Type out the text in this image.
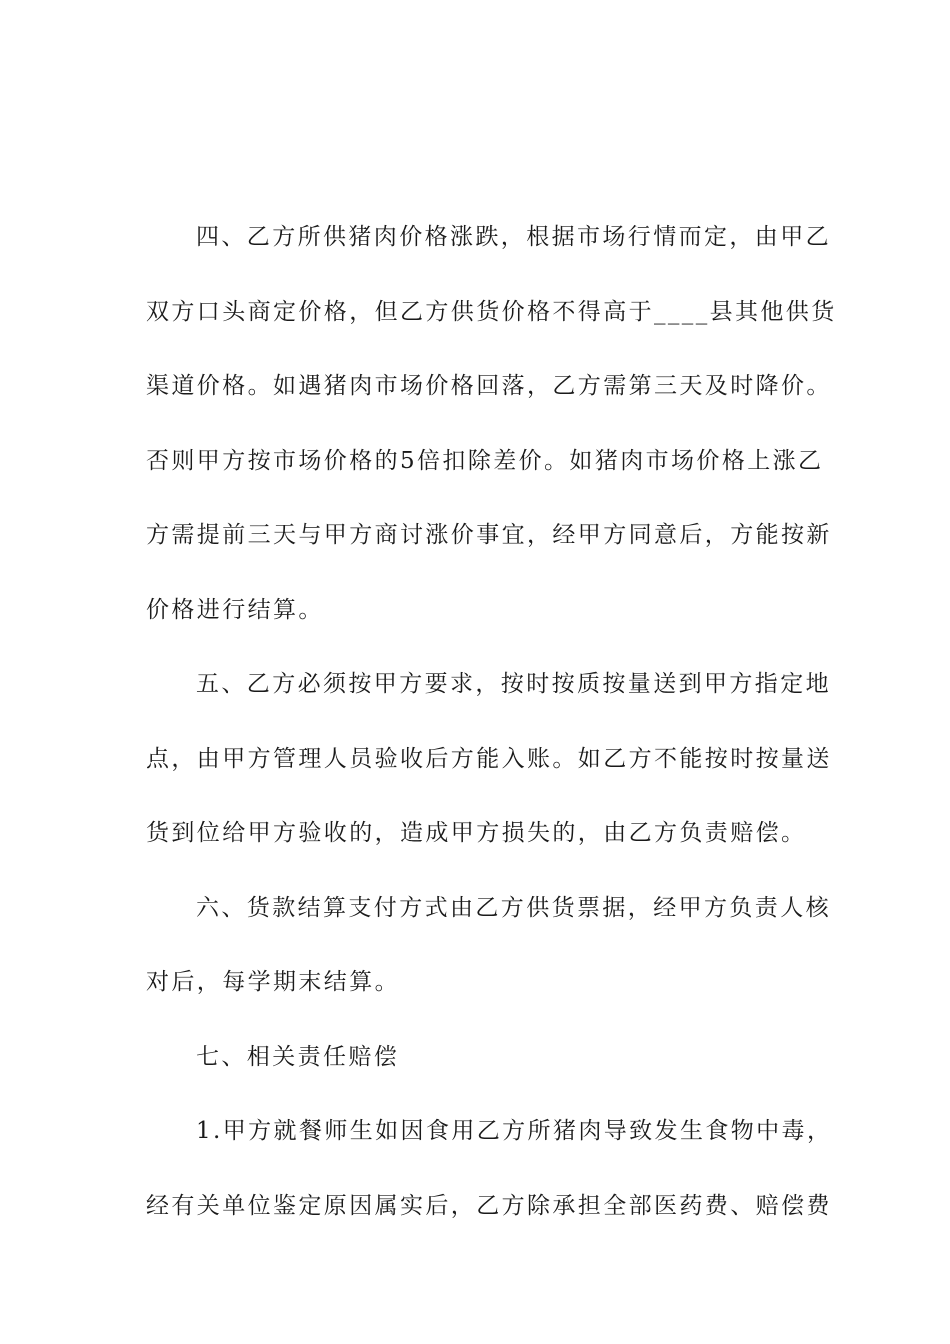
四、乙方所供猪肉价格涨跌，根据市场行情而定，由甲乙
双方口头商定价格，但乙方供货价格不得高于____县其他供货
渠道价格。如遇猪肉市场价格回落，乙方需第三天及时降价。
否则甲方按市场价格的5倍扣除差价。如猪肉市场价格上涨乙
方需提前三天与甲方商讨涨价事宜，经甲方同意后，方能按新
价格进行结算。

五、乙方必须按甲方要求，按时按质按量送到甲方指定地
点，由甲方管理人员验收后方能入账。如乙方不能按时按量送
货到位给甲方验收的，造成甲方损失的，由乙方负责赔偿。

六、货款结算支付方式由乙方供货票据，经甲方负责人核
对后，每学期末结算。

七、相关责任赔偿

1.甲方就餐师生如因食用乙方所猪肉导致发生食物中毒，
经有关单位鉴定原因属实后，乙方除承担全部医药费、赔偿费
